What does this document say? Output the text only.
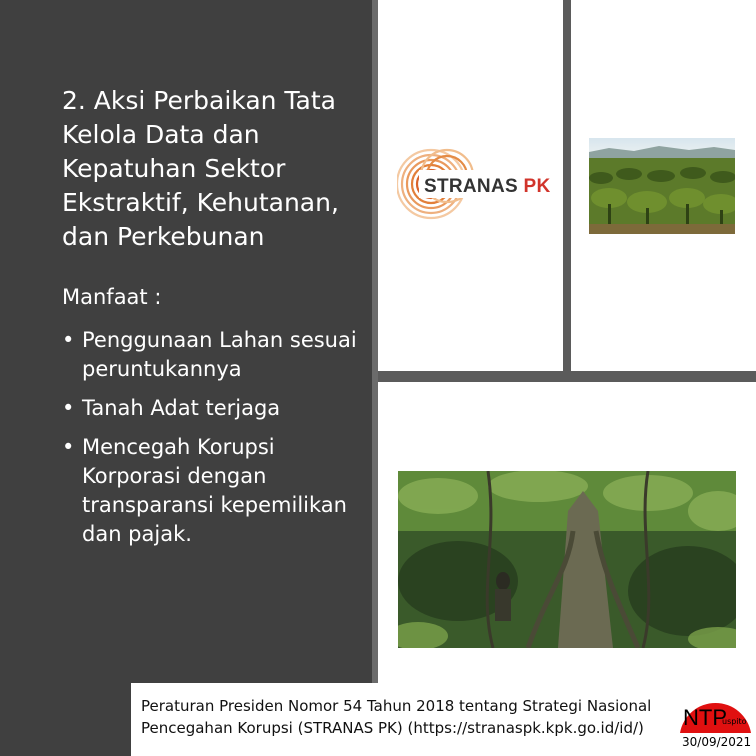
2. Aksi Perbaikan Tata Kelola Data dan Kepatuhan Sektor Ekstraktif, Kehutanan, dan Perkebunan
Manfaat :
• Penggunaan Lahan sesuai peruntukannya
• Tanah Adat terjaga
• Mencegah Korupsi Korporasi dengan transparansi kepemilikan dan pajak.
STRANAS PK
Peraturan Presiden Nomor 54 Tahun 2018 tentang Strategi Nasional
Pencegahan Korupsi (STRANAS PK) (https://stranaspk.kpk.go.id/id/)	NTP
uspito
30/09/2021
